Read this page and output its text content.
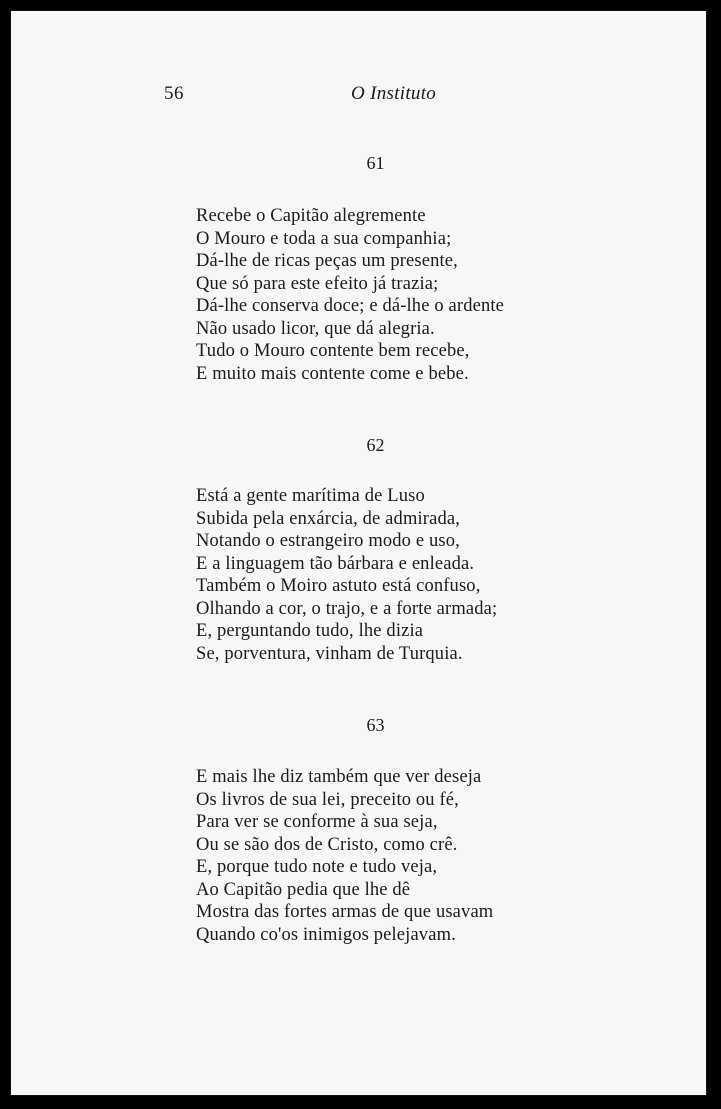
56	O Instituto
61
Recebe o Capitão alegremente
O Mouro e toda a sua companhia;
Dá-lhe de ricas peças um presente,
Que só para este efeito já trazia;
Dá-lhe conserva doce; e dá-lhe o ardente
Não usado licor, que dá alegria.
Tudo o Mouro contente bem recebe,
E muito mais contente come e bebe.
62
Está a gente marítima de Luso
Subida pela enxárcia, de admirada,
Notando o estrangeiro modo e uso,
E a linguagem tão bárbara e enleada.
Também o Moiro astuto está confuso,
Olhando a cor, o trajo, e a forte armada;
E, perguntando tudo, lhe dizia
Se, porventura, vinham de Turquia.
63
E mais lhe diz também que ver deseja
Os livros de sua lei, preceito ou fé,
Para ver se conforme à sua seja,
Ou se são dos de Cristo, como crê.
E, porque tudo note e tudo veja,
Ao Capitão pedia que lhe dê
Mostra das fortes armas de que usavam
Quando co'os inimigos pelejavam.
